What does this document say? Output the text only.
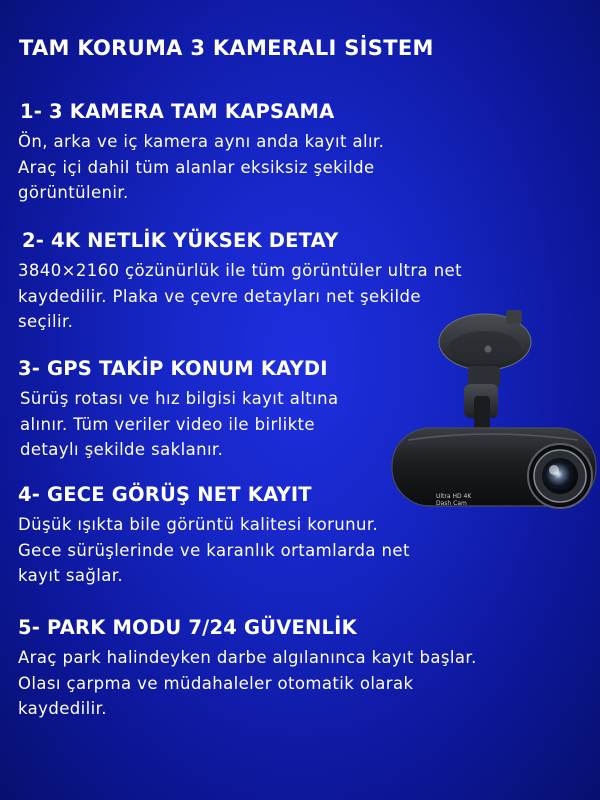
TAM KORUMA 3 KAMERALI SİSTEM
1- 3 KAMERA TAM KAPSAMA

Ön, arka ve iç kamera aynı anda kayıt alır.
Araç içi dahil tüm alanlar eksiksiz şekilde
görüntülenir.

2- 4K NETLİK YÜKSEK DETAY

3840×2160 çözünürlük ile tüm görüntüler ultra net
kaydedilir. Plaka ve çevre detayları net şekilde
seçilir.

3- GPS TAKİP KONUM KAYDI

Sürüş rotası ve hız bilgisi kayıt altına
alınır. Tüm veriler video ile birlikte
detaylı şekilde saklanır.

4- GECE GÖRÜŞ NET KAYIT

Düşük ışıkta bile görüntü kalitesi korunur.
Gece sürüşlerinde ve karanlık ortamlarda net
kayıt sağlar.

5- PARK MODU 7/24 GÜVENLİK

Araç park halindeyken darbe algılanınca kayıt başlar.
Olası çarpma ve müdahaleler otomatik olarak
kaydedilir.

Ultra HD 4K
Dash Cam
